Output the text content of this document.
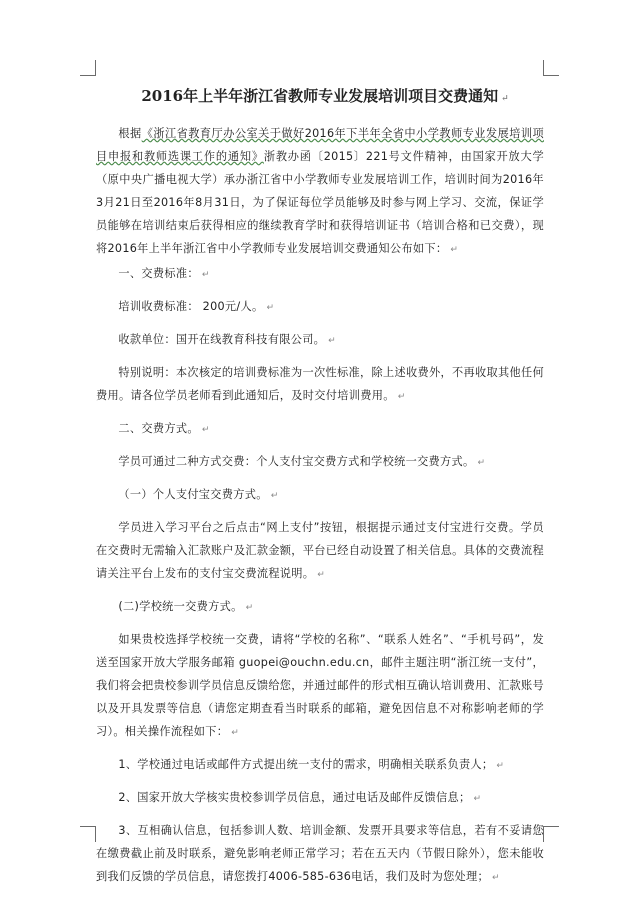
2016年上半年浙江省教师专业发展培训项目交费通知 ↵

根据《浙江省教育厅办公室关于做好2016年下半年全省中小学教师专业发展培训项目申报和教师选课工作的通知》浙教办函〔2015〕221号文件精神，由国家开放大学（原中央广播电视大学）承办浙江省中小学教师专业发展培训工作，培训时间为2016年3月21日至2016年8月31日，为了保证每位学员能够及时参与网上学习、交流，保证学员能够在培训结束后获得相应的继续教育学时和获得培训证书（培训合格和已交费），现将2016年上半年浙江省中小学教师专业发展培训交费通知公布如下： ↵

一、交费标准： ↵

培训收费标准： 200元/人。 ↵

收款单位：国开在线教育科技有限公司。 ↵

特别说明：本次核定的培训费标准为一次性标准，除上述收费外，不再收取其他任何费用。请各位学员老师看到此通知后，及时交付培训费用。 ↵

二、交费方式。 ↵

学员可通过二种方式交费：个人支付宝交费方式和学校统一交费方式。 ↵

（一）个人支付宝交费方式。 ↵

学员进入学习平台之后点击“网上支付”按钮，根据提示通过支付宝进行交费。学员在交费时无需输入汇款账户及汇款金额，平台已经自动设置了相关信息。具体的交费流程请关注平台上发布的支付宝交费流程说明。 ↵

(二)学校统一交费方式。 ↵

如果贵校选择学校统一交费，请将“学校的名称”、“联系人姓名”、“手机号码”，发送至国家开放大学服务邮箱 guopei@ouchn.edu.cn，邮件主题注明“浙江统一支付”，我们将会把贵校参训学员信息反馈给您，并通过邮件的形式相互确认培训费用、汇款账号以及开具发票等信息（请您定期查看当时联系的邮箱，避免因信息不对称影响老师的学习）。相关操作流程如下： ↵

1、学校通过电话或邮件方式提出统一支付的需求，明确相关联系负责人； ↵

2、国家开放大学核实贵校参训学员信息，通过电话及邮件反馈信息； ↵

3、互相确认信息，包括参训人数、培训金额、发票开具要求等信息，若有不妥请您在缴费截止前及时联系，避免影响老师正常学习；若在五天内（节假日除外），您未能收到我们反馈的学员信息，请您拨打4006-585-636电话，我们及时为您处理； ↵
